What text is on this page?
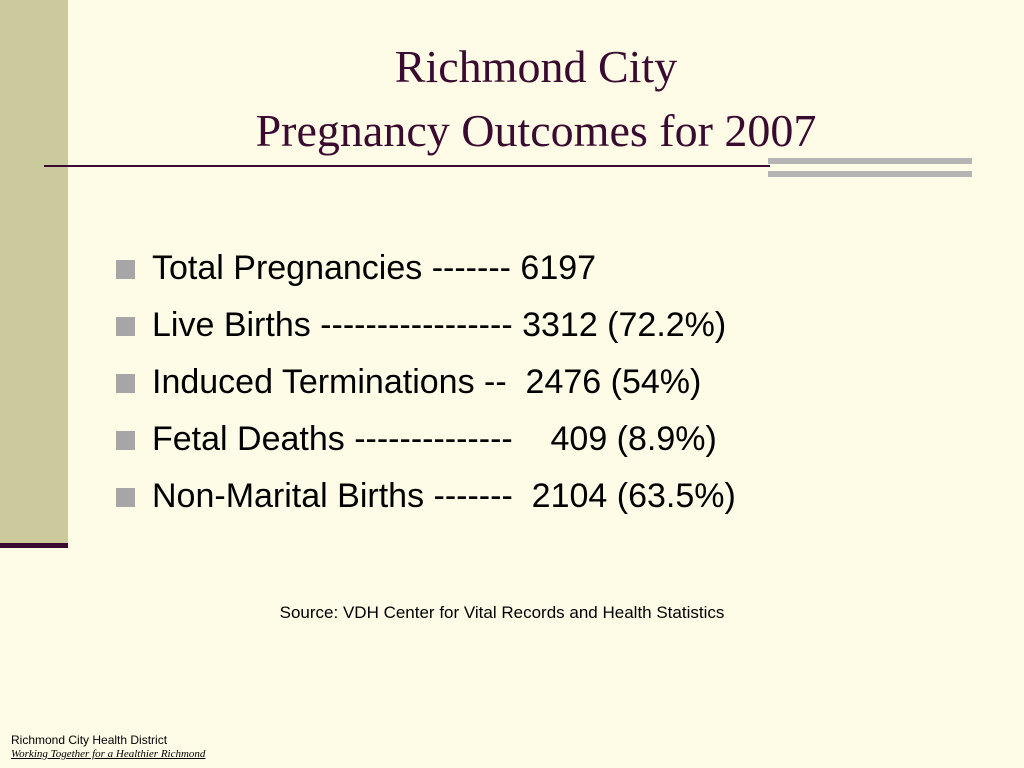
Richmond City
Pregnancy Outcomes for 2007

Total Pregnancies ------- 6197

Live Births ----------------- 3312 (72.2%)

Induced Terminations --  2476 (54%)

Fetal Deaths --------------    409 (8.9%)

Non-Marital Births -------  2104 (63.5%)

Source: VDH Center for Vital Records and Health Statistics
Richmond City Health District
Working Together for a Healthier Richmond
